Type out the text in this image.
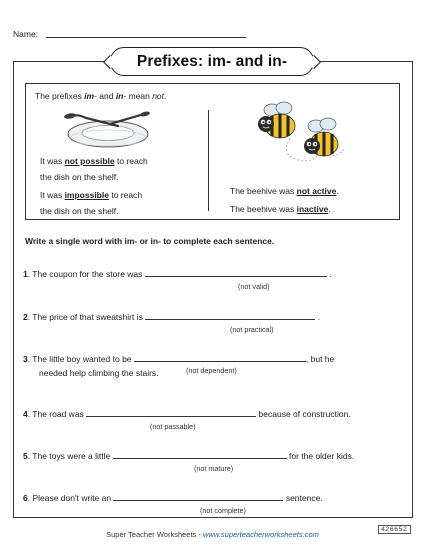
Name:
Prefixes: im- and in-
The prefixes im- and in- mean not.
It was not possible to reach
the dish on the shelf.
It was impossible to reach
the dish on the shelf.
The beehive was not active.
The beehive was inactive.
Write a single word with im- or in- to complete each sentence.
1. The coupon for the store was	.
(not valid)
2. The price of that sweatshirt is	.
(not practical)
3. The little boy wanted to be	, but he
needed help climbing the stairs.	(not dependent)
4. The road was	because of construction.
(not passable)
5. The toys were a little	for the older kids.
(not mature)
6. Please don't write an	sentence.
(not complete)
Super Teacher Worksheets - www.superteacherworksheets.com
426652
